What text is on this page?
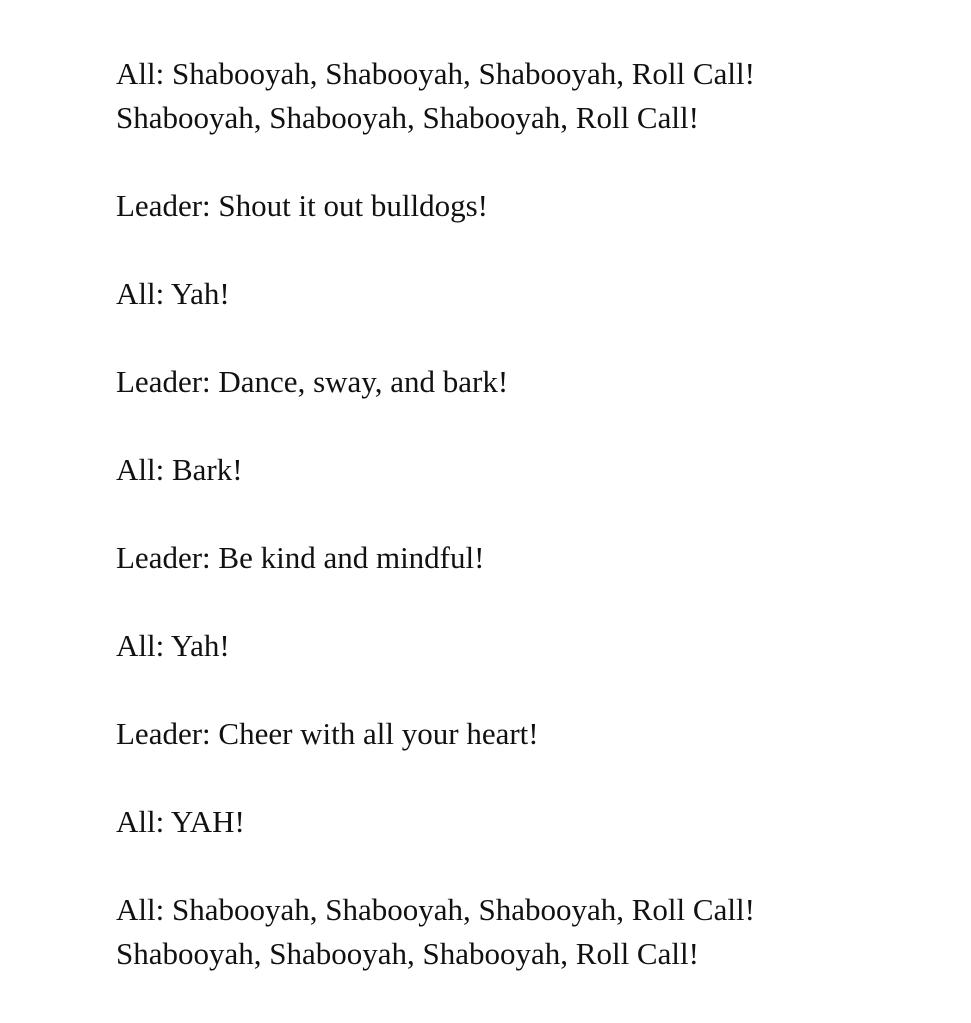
All: Shabooyah, Shabooyah, Shabooyah, Roll Call!
Shabooyah, Shabooyah, Shabooyah, Roll Call!

Leader: Shout it out bulldogs!

All: Yah!

Leader: Dance, sway, and bark!

All: Bark!

Leader: Be kind and mindful!

All: Yah!

Leader: Cheer with all your heart!

All: YAH!

All: Shabooyah, Shabooyah, Shabooyah, Roll Call!
Shabooyah, Shabooyah, Shabooyah, Roll Call!
